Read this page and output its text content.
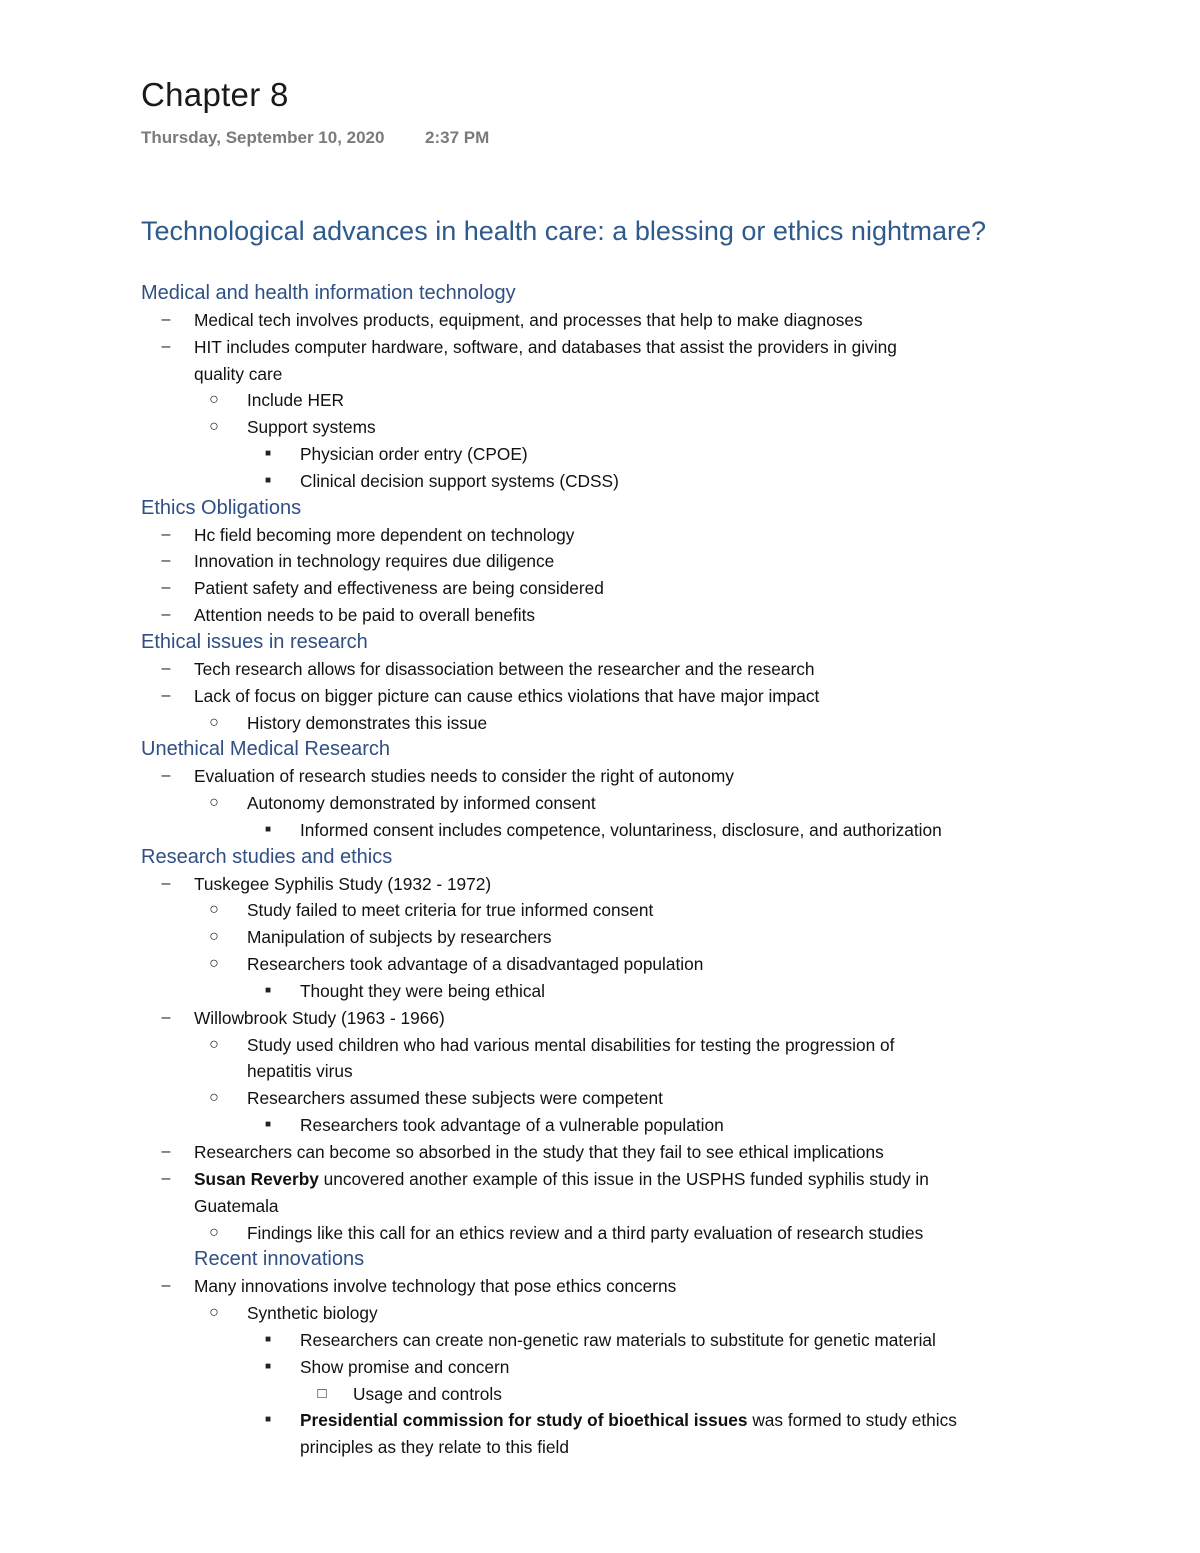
Chapter 8
Thursday, September 10, 2020 2:37 PM
Technological advances in health care: a blessing or ethics nightmare?
Medical and health information technology
–	Medical tech involves products, equipment, and processes that help to make diagnoses
–	HIT includes computer hardware, software, and databases that assist the providers in giving
quality care
○ Include HER
○ Support systems
■	Physician order entry (CPOE)
■	Clinical decision support systems (CDSS)
Ethics Obligations
–	Hc field becoming more dependent on technology
–	Innovation in technology requires due diligence
–	Patient safety and effectiveness are being considered
–	Attention needs to be paid to overall benefits
Ethical issues in research
–	Tech research allows for disassociation between the researcher and the research
–	Lack of focus on bigger picture can cause ethics violations that have major impact
○ History demonstrates this issue
Unethical Medical Research
–	Evaluation of research studies needs to consider the right of autonomy
○ Autonomy demonstrated by informed consent
■	Informed consent includes competence, voluntariness, disclosure, and authorization
Research studies and ethics
–	Tuskegee Syphilis Study (1932 - 1972)
○ Study failed to meet criteria for true informed consent
○ Manipulation of subjects by researchers
○ Researchers took advantage of a disadvantaged population
■	Thought they were being ethical
–	Willowbrook Study (1963 - 1966)
○ Study used children who had various mental disabilities for testing the progression of
hepatitis virus
○ Researchers assumed these subjects were competent
■	Researchers took advantage of a vulnerable population
–	Researchers can become so absorbed in the study that they fail to see ethical implications
–	Susan Reverby uncovered another example of this issue in the USPHS funded syphilis study in
Guatemala
○ Findings like this call for an ethics review and a third party evaluation of research studies
Recent innovations
–	Many innovations involve technology that pose ethics concerns
○ Synthetic biology
■	Researchers can create non-genetic raw materials to substitute for genetic material
■	Show promise and concern
□	Usage and controls
■	Presidential commission for study of bioethical issues was formed to study ethics
principles as they relate to this field
